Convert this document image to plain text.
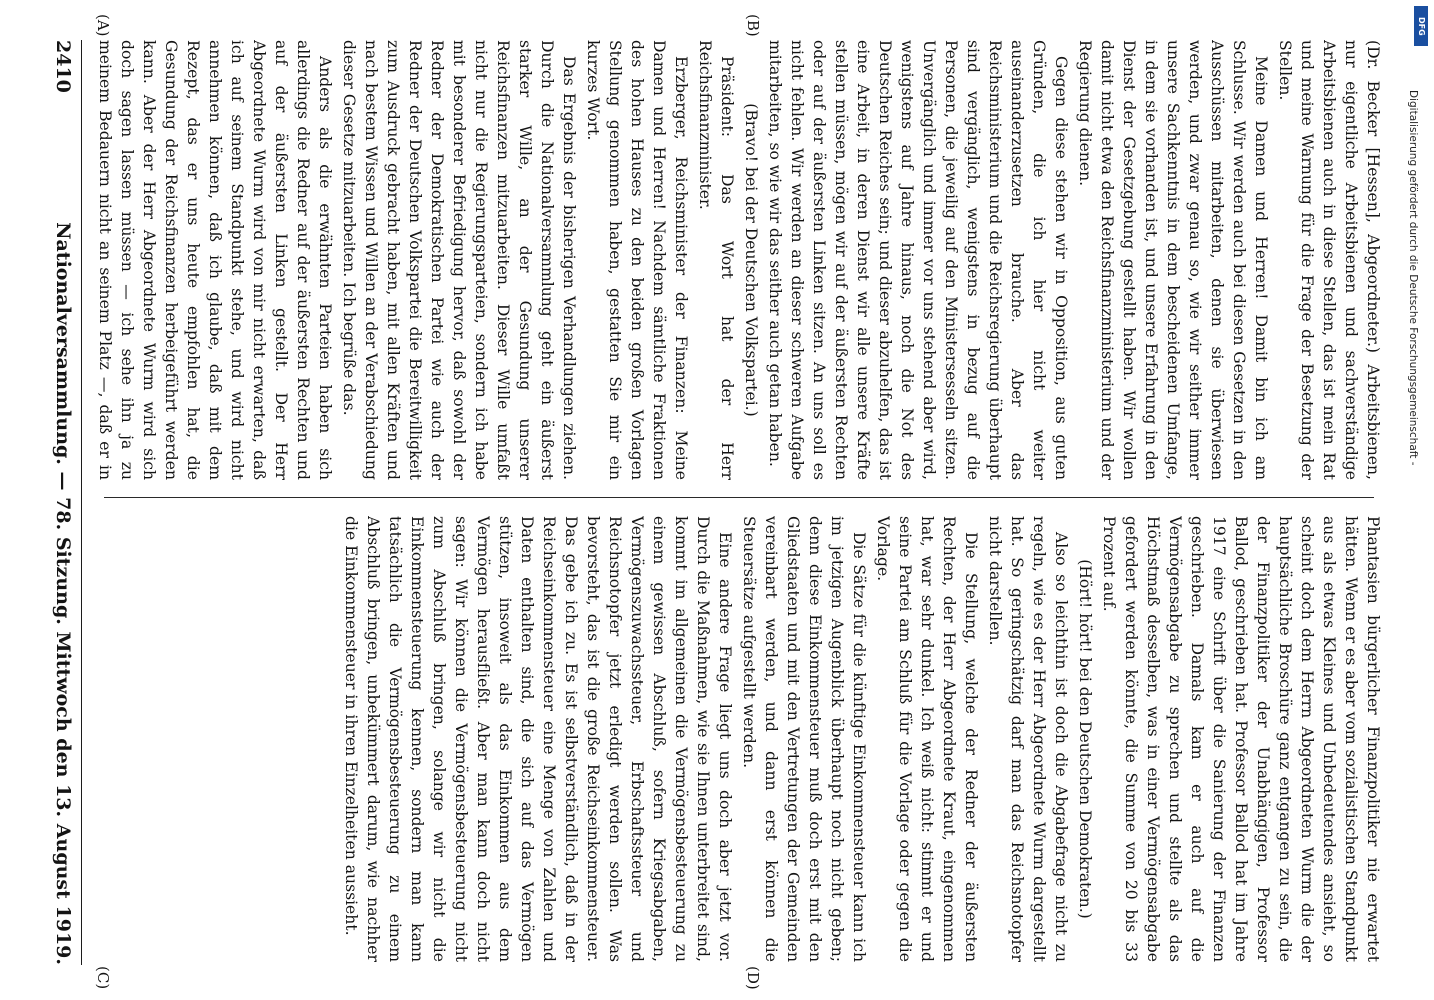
2410
Nationalversammlung. — 78. Sitzung. Mittwoch den 13. August 1919.	(Dr. Becker [Hessen], Abgeordneter.) Arbeitsbienen, nur eigentliche Arbeitsbienen und sachverständige Arbeitsbienen auch in diese Stellen, das ist mein Rat und meine Warnung für die Frage der Besetzung der Stellen.

Meine Damen und Herren! Damit bin ich am Schlusse. Wir werden auch bei diesen Gesetzen in den Ausschüssen mitarbeiten, denen sie überwiesen werden, und zwar genau so, wie wir seither immer unsere Sachkenntnis in dem bescheidenen Umfange, in dem sie vorhanden ist, und unsere Erfahrung in den Dienst der Gesetzgebung gestellt haben. Wir wollen damit nicht etwa den Reichsfinanzministerium und der Regierung dienen.

Gegen diese stehen wir in Opposition, aus guten Gründen, die ich hier nicht weiter auseinanderzusetzen brauche. Aber das Reichsministerium und die Reichsregierung überhaupt sind vergänglich, wenigstens in bezug auf die Personen, die jeweilig auf den Ministersesseln sitzen. Unvergänglich und immer vor uns stehend aber wird, wenigstens auf Jahre hinaus, noch die Not des Deutschen Reiches sein; und dieser abzuhelfen, das ist eine Arbeit, in deren Dienst wir alle unsere Kräfte stellen müssen, mögen wir auf der äußersten Rechten oder auf der äußersten Linken sitzen. An uns soll es nicht fehlen. Wir werden an dieser schweren Aufgabe mitarbeiten, so wie wir das seither auch getan haben.

(Bravo! bei der Deutschen Volkspartei.)

Präsident: Das Wort hat der Herr Reichsfinanzminister.

Erzberger, Reichsminister der Finanzen: Meine Damen und Herren! Nachdem sämtliche Fraktionen des hohen Hauses zu den beiden großen Vorlagen Stellung genommen haben, gestatten Sie mir ein kurzes Wort.

Das Ergebnis der bisherigen Verhandlungen ziehen. Durch die Nationalversammlung geht ein äußerst starker Wille, an der Gesundung unserer Reichsfinanzen mitzuarbeiten. Dieser Wille umfaßt nicht nur die Regierungsparteien, sondern ich habe mit besonderer Befriedigung hervor, daß sowohl der Redner der Demokratischen Partei wie auch der Redner der Deutschen Volkspartei die Bereitwilligkeit zum Ausdruck gebracht haben, mit allen Kräften und nach bestem Wissen und Willen an der Verabschiedung dieser Gesetze mitzuarbeiten. Ich begrüße das.

Anders als die erwähnten Parteien haben sich allerdings die Redner auf der äußersten Rechten und auf der äußersten Linken gestellt. Der Herr Abgeordnete Wurm wird von mir nicht erwarten, daß ich auf seinem Standpunkt stehe, und wird nicht annehmen können, daß ich glaube, daß mit dem Rezept, das er uns heute empfohlen hat, die Gesundung der Reichsfinanzen herbeigeführt werden kann. Aber der Herr Abgeordnete Wurm wird sich doch sagen lassen müssen — ich sehe ihn ja zu meinem Bedauern nicht an seinem Platz —, daß er in

Phantasien bürgerlicher Finanzpolitiker nie erwartet hätten. Wenn er es aber vom sozialistischen Standpunkt aus als etwas Kleines und Unbedeutendes ansieht, so scheint doch dem Herrn Abgeordneten Wurm die der hauptsächliche Broschüre ganz entgangen zu sein, die der Finanzpolitiker der Unabhängigen, Professor Ballod, geschrieben hat. Professor Ballod hat im Jahre 1917 eine Schrift über die Sanierung der Finanzen geschrieben. Damals kam er auch auf die Vermögensabgabe zu sprechen und stellte als das Höchstmaß desselben, was in einer Vermögensabgabe gefordert werden könnte, die Summe von 20 bis 33 Prozent auf.

(Hört! hört! bei den Deutschen Demokraten.)

Also so leichthin ist doch die Abgabefrage nicht zu regeln, wie es der Herr Abgeordnete Wurm dargestellt hat. So geringschätzig darf man das Reichsnotopfer nicht darstellen.

Die Stellung, welche der Redner der äußersten Rechten, der Herr Abgeordnete Kraut, eingenommen hat, war sehr dunkel. Ich weiß nicht: stimmt er und seine Partei am Schluß für die Vorlage oder gegen die Vorlage.

Die Sätze für die künftige Einkommensteuer kann ich im jetzigen Augenblick überhaupt noch nicht geben; denn diese Einkommensteuer muß doch erst mit den Gliedstaaten und mit den Vertretungen der Gemeinden vereinbart werden, und dann erst können die Steuersätze aufgestellt werden.

Eine andere Frage liegt uns doch aber jetzt vor. Durch die Maßnahmen, wie sie Ihnen unterbreitet sind, kommt im allgemeinen die Vermögensbesteuerung zu einem gewissen Abschluß, sofern Kriegsabgaben, Vermögenszuwachssteuer, Erbschaftssteuer und Reichsnotopfer jetzt erledigt werden sollen. Was bevorsteht, das ist die große Reichseinkommensteuer. Das gebe ich zu. Es ist selbstverständlich, daß in der Reichseinkommensteuer eine Menge von Zahlen und Daten enthalten sind, die sich auf das Vermögen stützen, insoweit als das Einkommen aus dem Vermögen herausfließt. Aber man kann doch nicht sagen: Wir können die Vermögensbesteuerung nicht zum Abschluß bringen, solange wir nicht die Einkommensteuerung kennen, sondern man kann tatsächlich die Vermögensbesteuerung zu einem Abschluß bringen, unbekümmert darum, wie nachher die Einkommensteuer in ihren Einzelheiten aussieht.

(A)	(B)
(C)	(D)
DFG
Digitalisierung gefördert durch die Deutsche Forschungsgemeinschaft -
